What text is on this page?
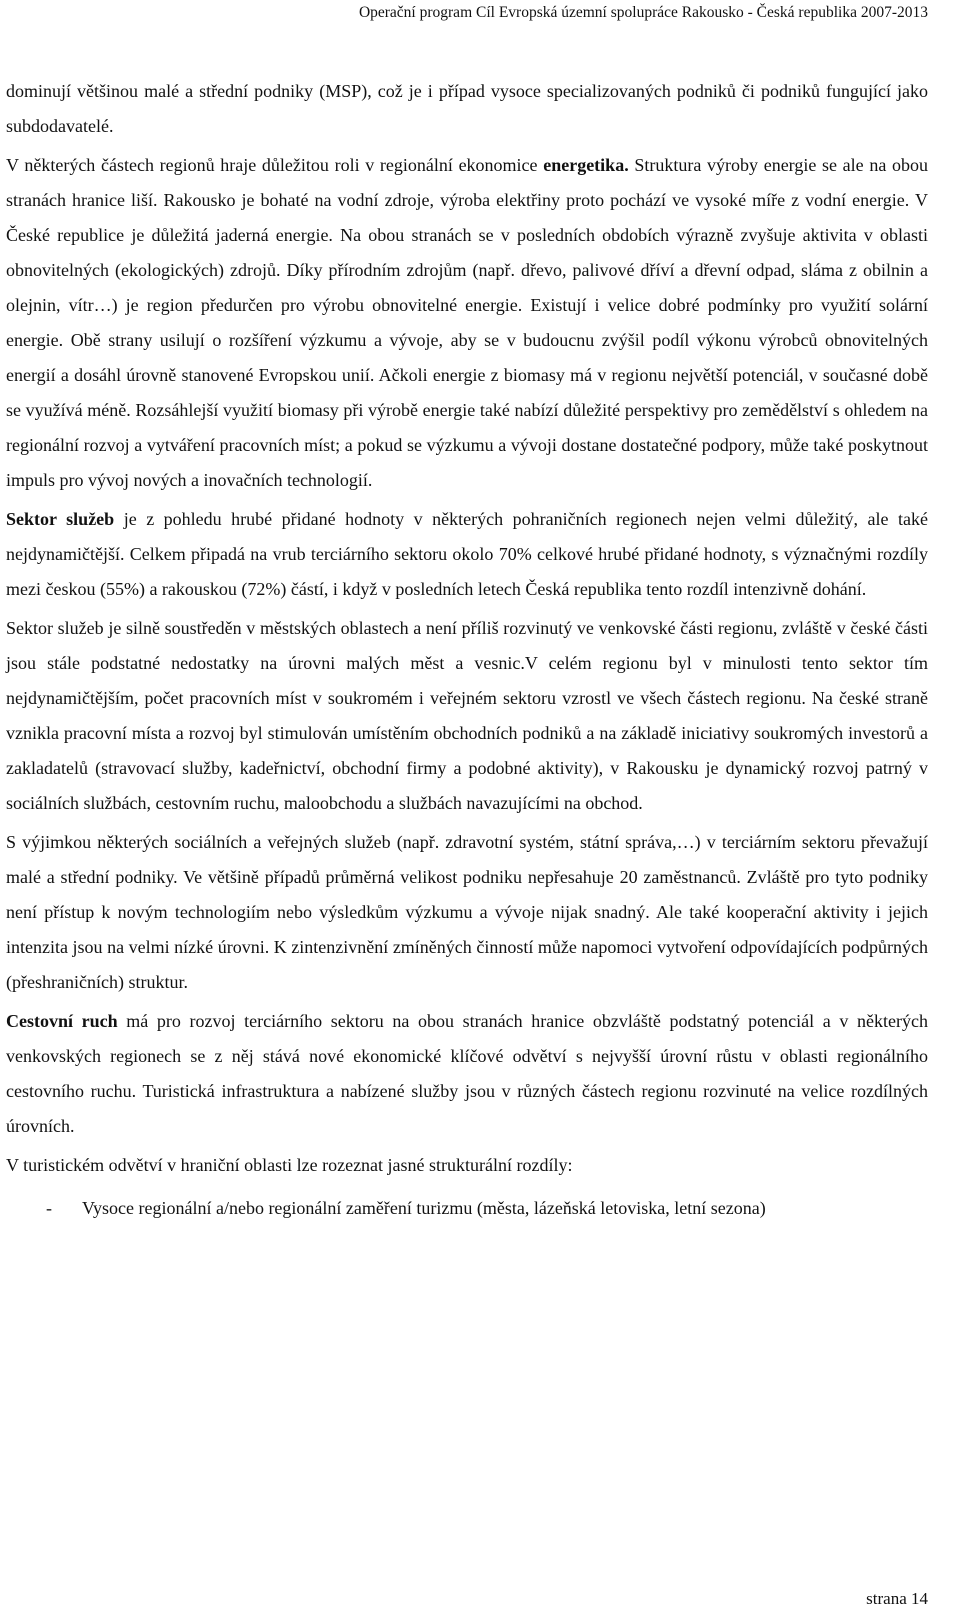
Operační program Cíl Evropská územní spolupráce Rakousko - Česká republika 2007-2013

dominují většinou malé a střední podniky (MSP), což je i případ vysoce specializovaných podniků či podniků fungující jako subdodavatelé.

V některých částech regionů hraje důležitou roli v regionální ekonomice energetika. Struktura výroby energie se ale na obou stranách hranice liší. Rakousko je bohaté na vodní zdroje, výroba elektřiny proto pochází ve vysoké míře z vodní energie. V České republice je důležitá jaderná energie. Na obou stranách se v posledních obdobích výrazně zvyšuje aktivita v oblasti obnovitelných (ekologických) zdrojů. Díky přírodním zdrojům (např. dřevo, palivové dříví a dřevní odpad, sláma z obilnin a olejnin, vítr…) je region předurčen pro výrobu obnovitelné energie. Existují i velice dobré podmínky pro využití solární energie. Obě strany usilují o rozšíření výzkumu a vývoje, aby se v budoucnu zvýšil podíl výkonu výrobců obnovitelných energií a dosáhl úrovně stanovené Evropskou unií. Ačkoli energie z biomasy má v regionu největší potenciál, v současné době se využívá méně. Rozsáhlejší využití biomasy při výrobě energie také nabízí důležité perspektivy pro zemědělství s ohledem na regionální rozvoj a vytváření pracovních míst; a pokud se výzkumu a vývoji dostane dostatečné podpory, může také poskytnout impuls pro vývoj nových a inovačních technologií.

Sektor služeb je z pohledu hrubé přidané hodnoty v některých pohraničních regionech nejen velmi důležitý, ale také nejdynamičtější. Celkem připadá na vrub terciárního sektoru okolo 70% celkové hrubé přidané hodnoty, s význačnými rozdíly mezi českou (55%) a rakouskou (72%) částí, i když v posledních letech Česká republika tento rozdíl intenzivně dohání.

Sektor služeb je silně soustředěn v městských oblastech a není příliš rozvinutý ve venkovské části regionu, zvláště v české části jsou stále podstatné nedostatky na úrovni malých měst a vesnic.V celém regionu byl v minulosti tento sektor tím nejdynamičtějším, počet pracovních míst v soukromém i veřejném sektoru vzrostl ve všech částech regionu. Na české straně vznikla pracovní místa a rozvoj byl stimulován umístěním obchodních podniků a na základě iniciativy soukromých investorů a zakladatelů (stravovací služby, kadeřnictví, obchodní firmy a podobné aktivity), v Rakousku je dynamický rozvoj patrný v sociálních službách, cestovním ruchu, maloobchodu a službách navazujícími na obchod.

S výjimkou některých sociálních a veřejných služeb (např. zdravotní systém, státní správa,…) v terciárním sektoru převažují malé a střední podniky. Ve většině případů průměrná velikost podniku nepřesahuje 20 zaměstnanců. Zvláště pro tyto podniky není přístup k novým technologiím nebo výsledkům výzkumu a vývoje nijak snadný. Ale také kooperační aktivity i jejich intenzita jsou na velmi nízké úrovni. K zintenzivnění zmíněných činností může napomoci vytvoření odpovídajících podpůrných (přeshraničních) struktur.

Cestovní ruch má pro rozvoj terciárního sektoru na obou stranách hranice obzvláště podstatný potenciál a v některých venkovských regionech se z něj stává nové ekonomické klíčové odvětví s nejvyšší úrovní růstu v oblasti regionálního cestovního ruchu. Turistická infrastruktura a nabízené služby jsou v různých částech regionu rozvinuté na velice rozdílných úrovních.

V turistickém odvětví v hraniční oblasti lze rozeznat jasné strukturální rozdíly:

-	Vysoce regionální a/nebo regionální zaměření turizmu (města, lázeňská letoviska, letní sezona)
strana 14
